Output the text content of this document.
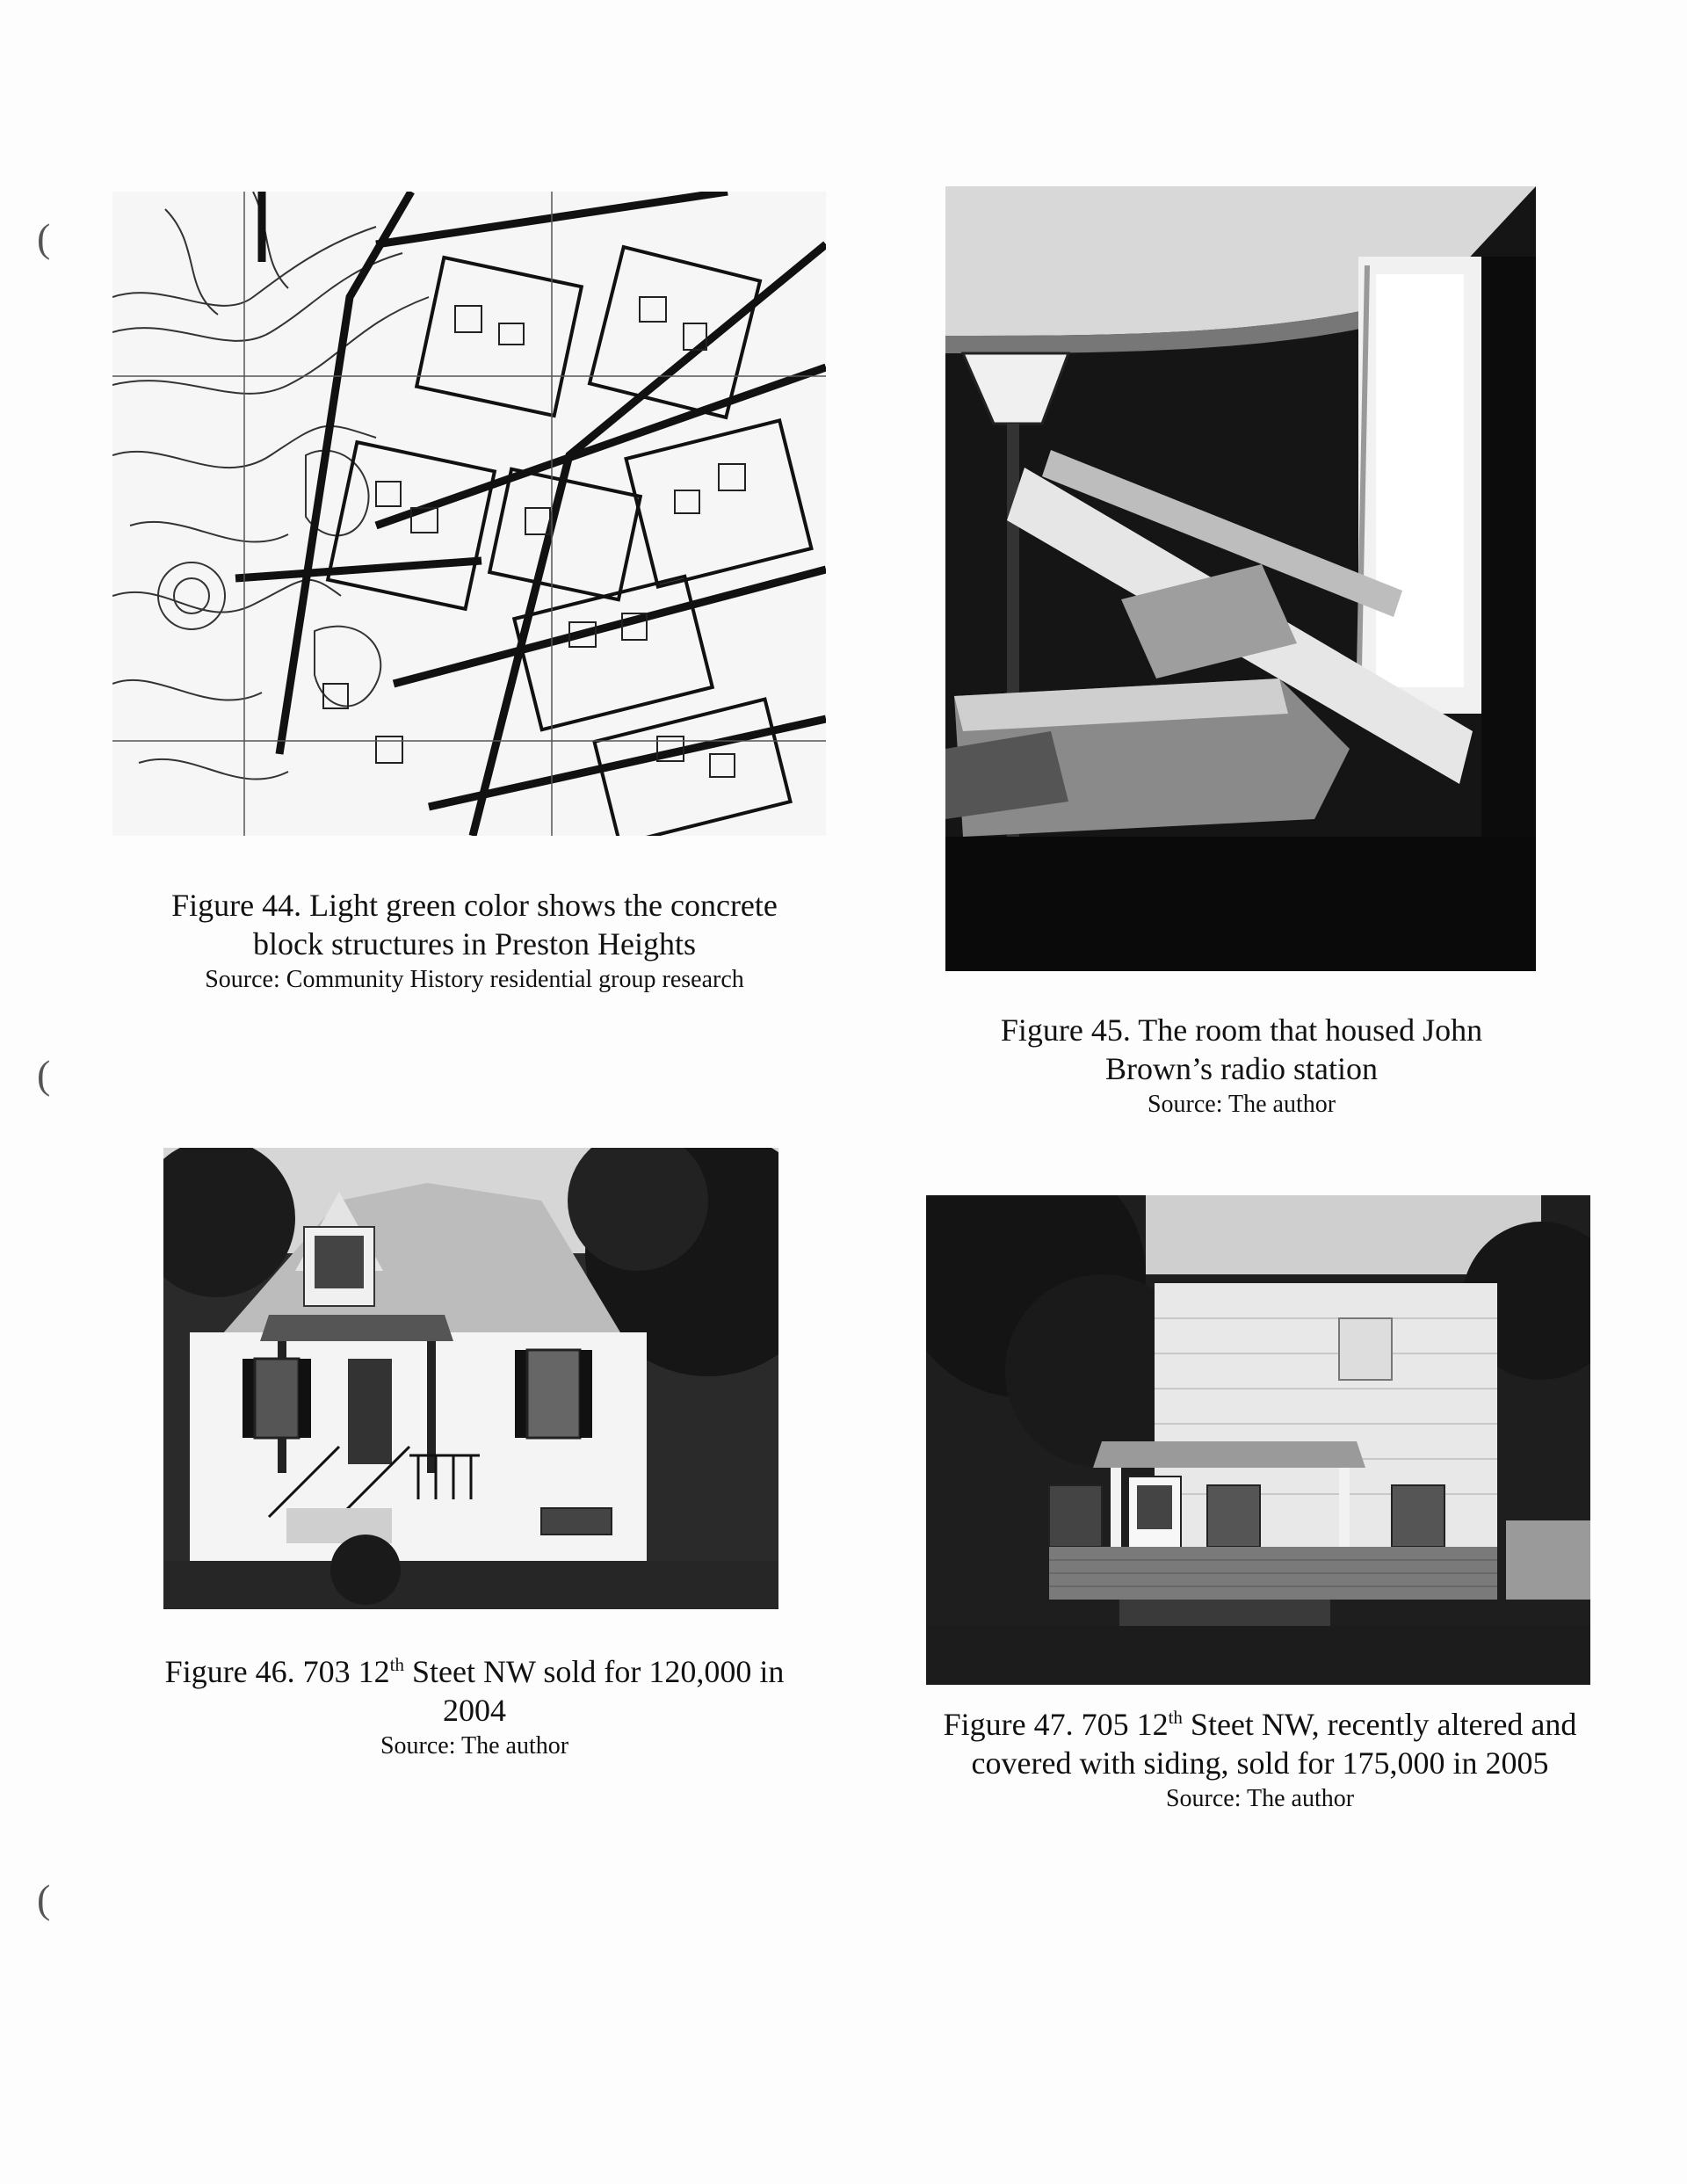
(
(
(
Figure 44. Light green color shows the concrete block structures in Preston Heights
Source: Community History residential group research
Figure 45. The room that housed John Brown’s radio station
Source: The author
Figure 46. 703 12th Steet NW sold for 120,000 in 2004
Source: The author
Figure 47. 705 12th Steet NW, recently altered and covered with siding, sold for 175,000 in 2005
Source: The author
